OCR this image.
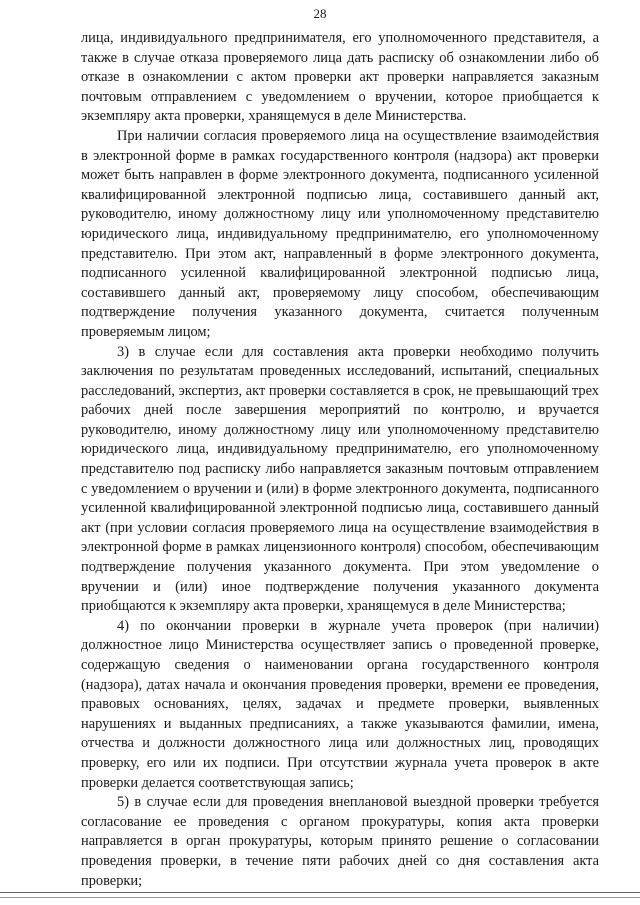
28

лица, индивидуального предпринимателя, его уполномоченного представителя, а также в случае отказа проверяемого лица дать расписку об ознакомлении либо об отказе в ознакомлении с актом проверки акт проверки направляется заказным почтовым отправлением с уведомлением о вручении, которое приобщается к экземпляру акта проверки, хранящемуся в деле Министерства.

При наличии согласия проверяемого лица на осуществление взаимодействия в электронной форме в рамках государственного контроля (надзора) акт проверки может быть направлен в форме электронного документа, подписанного усиленной квалифицированной электронной подписью лица, составившего данный акт, руководителю, иному должностному лицу или уполномоченному представителю юридического лица, индивидуальному предпринимателю, его уполномоченному представителю. При этом акт, направленный в форме электронного документа, подписанного усиленной квалифицированной электронной подписью лица, составившего данный акт, проверяемому лицу способом, обеспечивающим подтверждение получения указанного документа, считается полученным проверяемым лицом;

3) в случае если для составления акта проверки необходимо получить заключения по результатам проведенных исследований, испытаний, специальных расследований, экспертиз, акт проверки составляется в срок, не превышающий трех рабочих дней после завершения мероприятий по контролю, и вручается руководителю, иному должностному лицу или уполномоченному представителю юридического лица, индивидуальному предпринимателю, его уполномоченному представителю под расписку либо направляется заказным почтовым отправлением с уведомлением о вручении и (или) в форме электронного документа, подписанного усиленной квалифицированной электронной подписью лица, составившего данный акт (при условии согласия проверяемого лица на осуществление взаимодействия в электронной форме в рамках лицензионного контроля) способом, обеспечивающим подтверждение получения указанного документа. При этом уведомление о вручении и (или) иное подтверждение получения указанного документа приобщаются к экземпляру акта проверки, хранящемуся в деле Министерства;

4) по окончании проверки в журнале учета проверок (при наличии) должностное лицо Министерства осуществляет запись о проведенной проверке, содержащую сведения о наименовании органа государственного контроля (надзора), датах начала и окончания проведения проверки, времени ее проведения, правовых основаниях, целях, задачах и предмете проверки, выявленных нарушениях и выданных предписаниях, а также указываются фамилии, имена, отчества и должности должностного лица или должностных лиц, проводящих проверку, его или их подписи. При отсутствии журнала учета проверок в акте проверки делается соответствующая запись;

5) в случае если для проведения внеплановой выездной проверки требуется согласование ее проведения с органом прокуратуры, копия акта проверки направляется в орган прокуратуры, которым принято решение о согласовании проведения проверки, в течение пяти рабочих дней со дня составления акта проверки;
